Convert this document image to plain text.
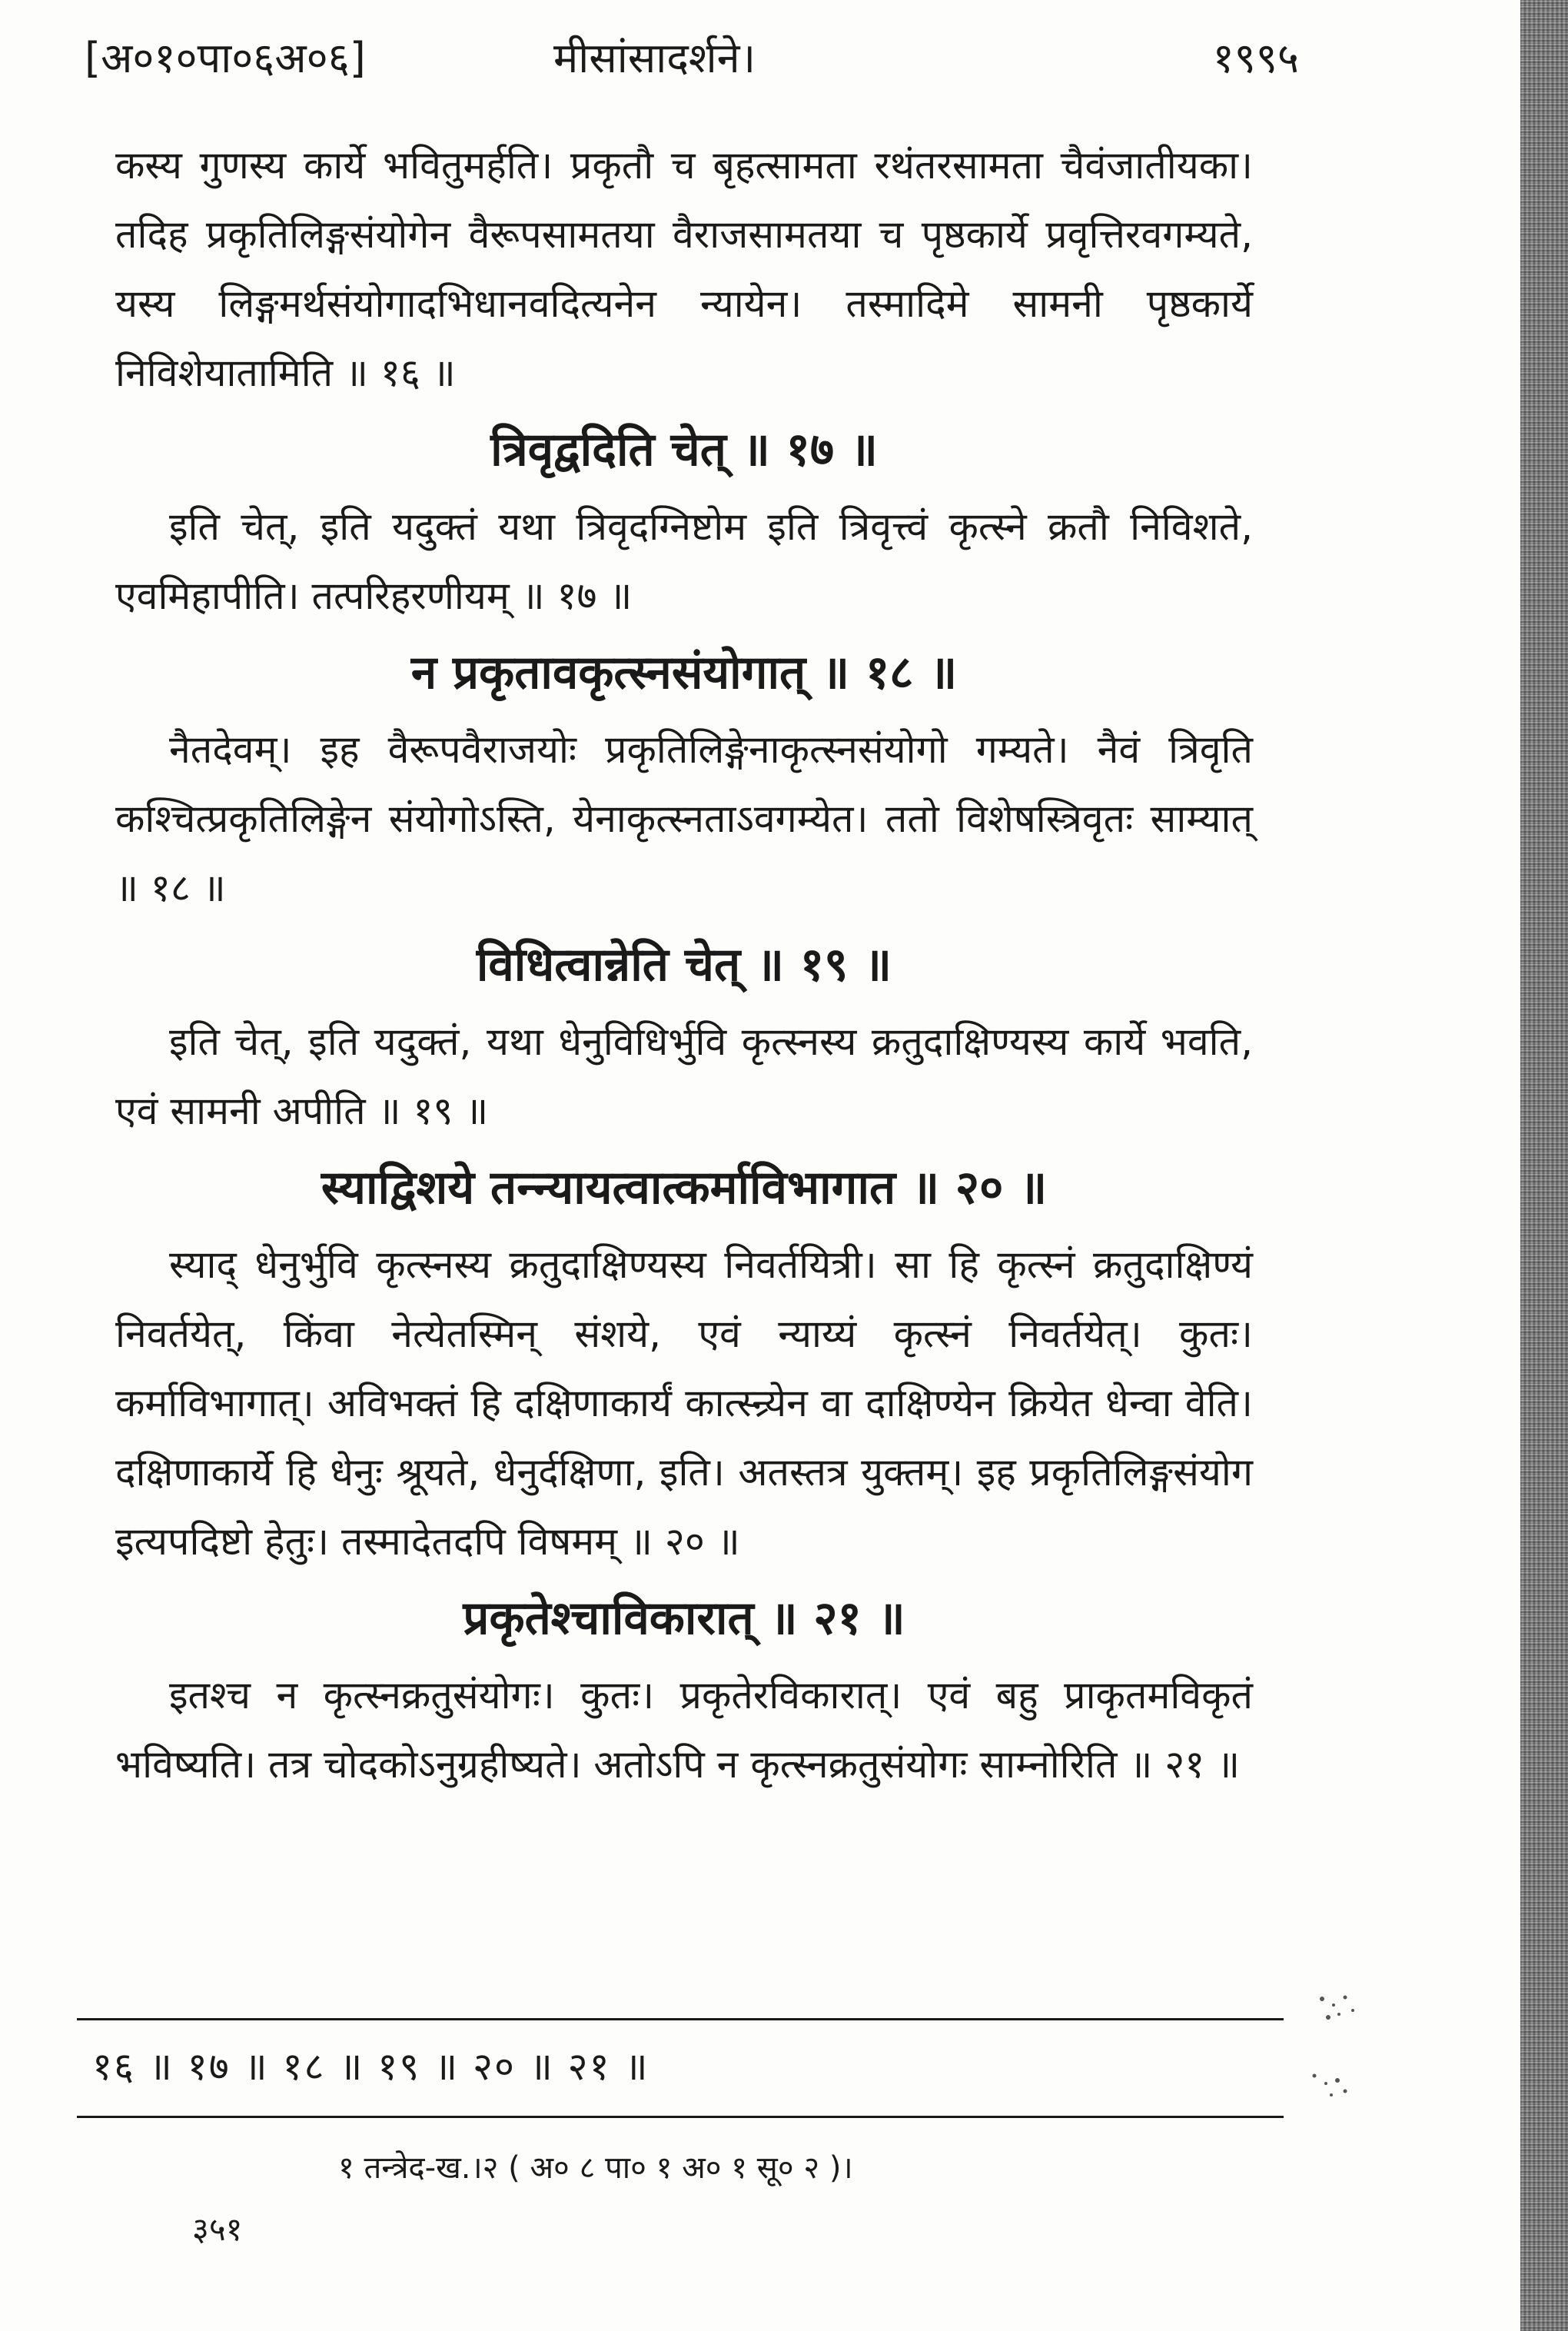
[अ०१०पा०६अ०६]	मीसांसादर्शने।	१९९५

कस्य गुणस्य कार्ये भवितुमर्हति। प्रकृतौ च बृहत्सामता रथंतरसामता चैवंजातीयका। तदिह प्रकृतिलिङ्गसंयोगेन वैरूपसामतया वैराजसामतया च पृष्ठकार्ये प्रवृत्तिरवगम्यते, यस्य लिङ्गमर्थसंयोगादभिधानवदित्यनेन न्यायेन। तस्मादिमे सामनी पृष्ठकार्ये निविशेयातामिति ॥ १६ ॥

त्रिवृद्वदिति चेत् ॥ १७ ॥

इति चेत्, इति यदुक्तं यथा त्रिवृदग्निष्टोम इति त्रिवृत्त्वं कृत्स्ने क्रतौ निविशते, एवमिहापीति। तत्परिहरणीयम् ॥ १७ ॥

न प्रकृतावकृत्स्नसंयोगात् ॥ १८ ॥

नैतदेवम्। इह वैरूपवैराजयोः प्रकृतिलिङ्गेनाकृत्स्नसंयोगो गम्यते। नैवं त्रिवृति कश्चित्प्रकृतिलिङ्गेन संयोगोऽस्ति, येनाकृत्स्नताऽवगम्येत। ततो विशेषस्त्रिवृतः साम्यात् ॥ १८ ॥

विधित्वान्नेति चेत् ॥ १९ ॥

इति चेत्, इति यदुक्तं, यथा धेनुविधिर्भुवि कृत्स्नस्य क्रतुदाक्षिण्यस्य कार्ये भवति, एवं सामनी अपीति ॥ १९ ॥

स्याद्विशये तन्न्यायत्वात्कर्माविभागात ॥ २० ॥

स्याद् धेनुर्भुवि कृत्स्नस्य क्रतुदाक्षिण्यस्य निवर्तयित्री। सा हि कृत्स्नं क्रतुदाक्षिण्यं निवर्तयेत्, किंवा नेत्येतस्मिन् संशये, एवं न्याय्यं कृत्स्नं निवर्तयेत्। कुतः। कर्माविभागात्। अविभक्तं हि दक्षिणाकार्यं कात्स्न्र्येन वा दाक्षिण्येन क्रियेत धेन्वा वेति। दक्षिणाकार्ये हि धेनुः श्रूयते, धेनुर्दक्षिणा, इति। अतस्तत्र युक्तम्। इह प्रकृतिलिङ्गसंयोग इत्यपदिष्टो हेतुः। तस्मादेतदपि विषमम् ॥ २० ॥

प्रकृतेश्चाविकारात् ॥ २१ ॥

इतश्च न कृत्स्नक्रतुसंयोगः। कुतः। प्रकृतेरविकारात्। एवं बहु प्राकृतमविकृतं भविष्यति। तत्र चोदकोऽनुग्रहीष्यते। अतोऽपि न कृत्स्नक्रतुसंयोगः साम्नोरिति ॥ २१ ॥

१६ ॥ १७ ॥ १८ ॥ १९ ॥ २० ॥ २१ ॥
१ तन्त्रेद-ख.।२ ( अ० ८ पा० १ अ० १ सू० २ )।
३५१
